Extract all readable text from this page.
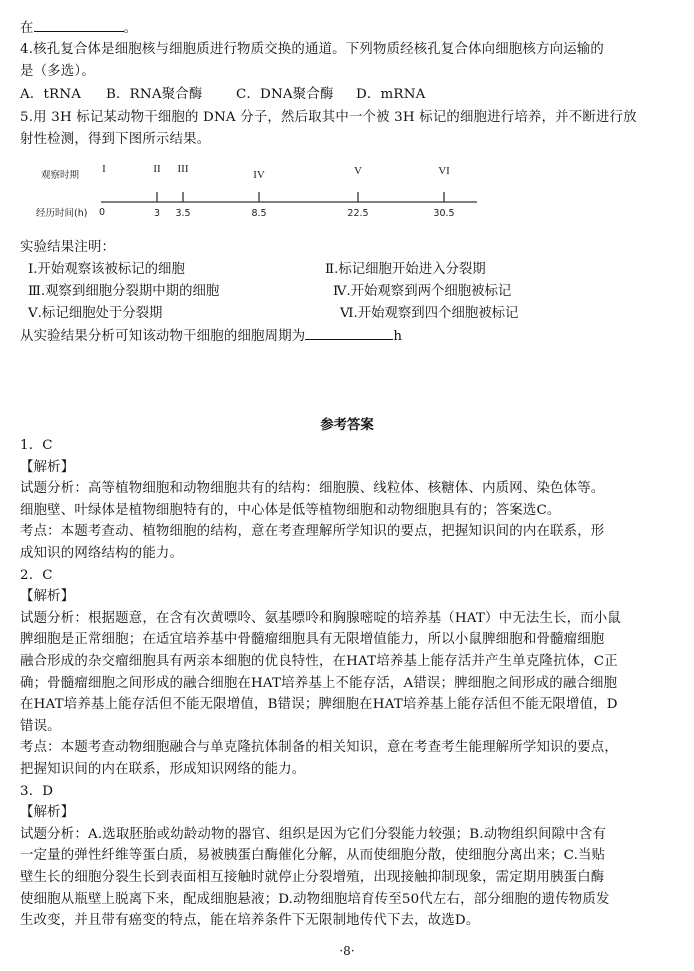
在	。
4.核孔复合体是细胞核与细胞质进行物质交换的通道。下列物质经核孔复合体向细胞核方向运输的
是（多选）。
A．tRNA B．RNA聚合酶	C．DNA聚合酶 D．mRNA
5.用 3H 标记某动物干细胞的 DNA 分子，然后取其中一个被 3H 标记的细胞进行培养，并不断进行放
射性检测，得到下图所示结果。
观察时期
经历时间(h) 0
I	II
3
III
3.5
IV
8.5
V
22.5
VI
30.5
实验结果注明：
Ⅰ.开始观察该被标记的细胞	Ⅱ.标记细胞开始进入分裂期
Ⅲ.观察到细胞分裂期中期的细胞	Ⅳ.开始观察到两个细胞被标记
Ⅴ.标记细胞处于分裂期	Ⅵ.开始观察到四个细胞被标记
从实验结果分析可知该动物干细胞的细胞周期为	h
参考答案
1．C
【解析】
试题分析：高等植物细胞和动物细胞共有的结构：细胞膜、线粒体、核糖体、内质网、染色体等。
细胞壁、叶绿体是植物细胞特有的，中心体是低等植物细胞和动物细胞具有的；答案选C。
考点：本题考查动、植物细胞的结构，意在考查理解所学知识的要点，把握知识间的内在联系，形
成知识的网络结构的能力。
2．C
【解析】
试题分析：根据题意，在含有次黄嘌呤、氨基嘌呤和胸腺嘧啶的培养基（HAT）中无法生长，而小鼠
脾细胞是正常细胞；在适宜培养基中骨髓瘤细胞具有无限增值能力，所以小鼠脾细胞和骨髓瘤细胞
融合形成的杂交瘤细胞具有两亲本细胞的优良特性，在HAT培养基上能存活并产生单克隆抗体，C正
确；骨髓瘤细胞之间形成的融合细胞在HAT培养基上不能存活，A错误；脾细胞之间形成的融合细胞
在HAT培养基上能存活但不能无限增值，B错误；脾细胞在HAT培养基上能存活但不能无限增值，D
错误。
考点：本题考查动物细胞融合与单克隆抗体制备的相关知识，意在考查考生能理解所学知识的要点，
把握知识间的内在联系，形成知识网络的能力。
3．D
【解析】
试题分析：A.选取胚胎或幼龄动物的器官、组织是因为它们分裂能力较强；B.动物组织间隙中含有
一定量的弹性纤维等蛋白质，易被胰蛋白酶催化分解，从而使细胞分散，使细胞分离出来；C.当贴
壁生长的细胞分裂生长到表面相互接触时就停止分裂增殖，出现接触抑制现象，需定期用胰蛋白酶
使细胞从瓶壁上脱离下来，配成细胞悬液；D.动物细胞培育传至50代左右，部分细胞的遗传物质发
生改变，并且带有癌变的特点，能在培养条件下无限制地传代下去，故选D。
·8·
